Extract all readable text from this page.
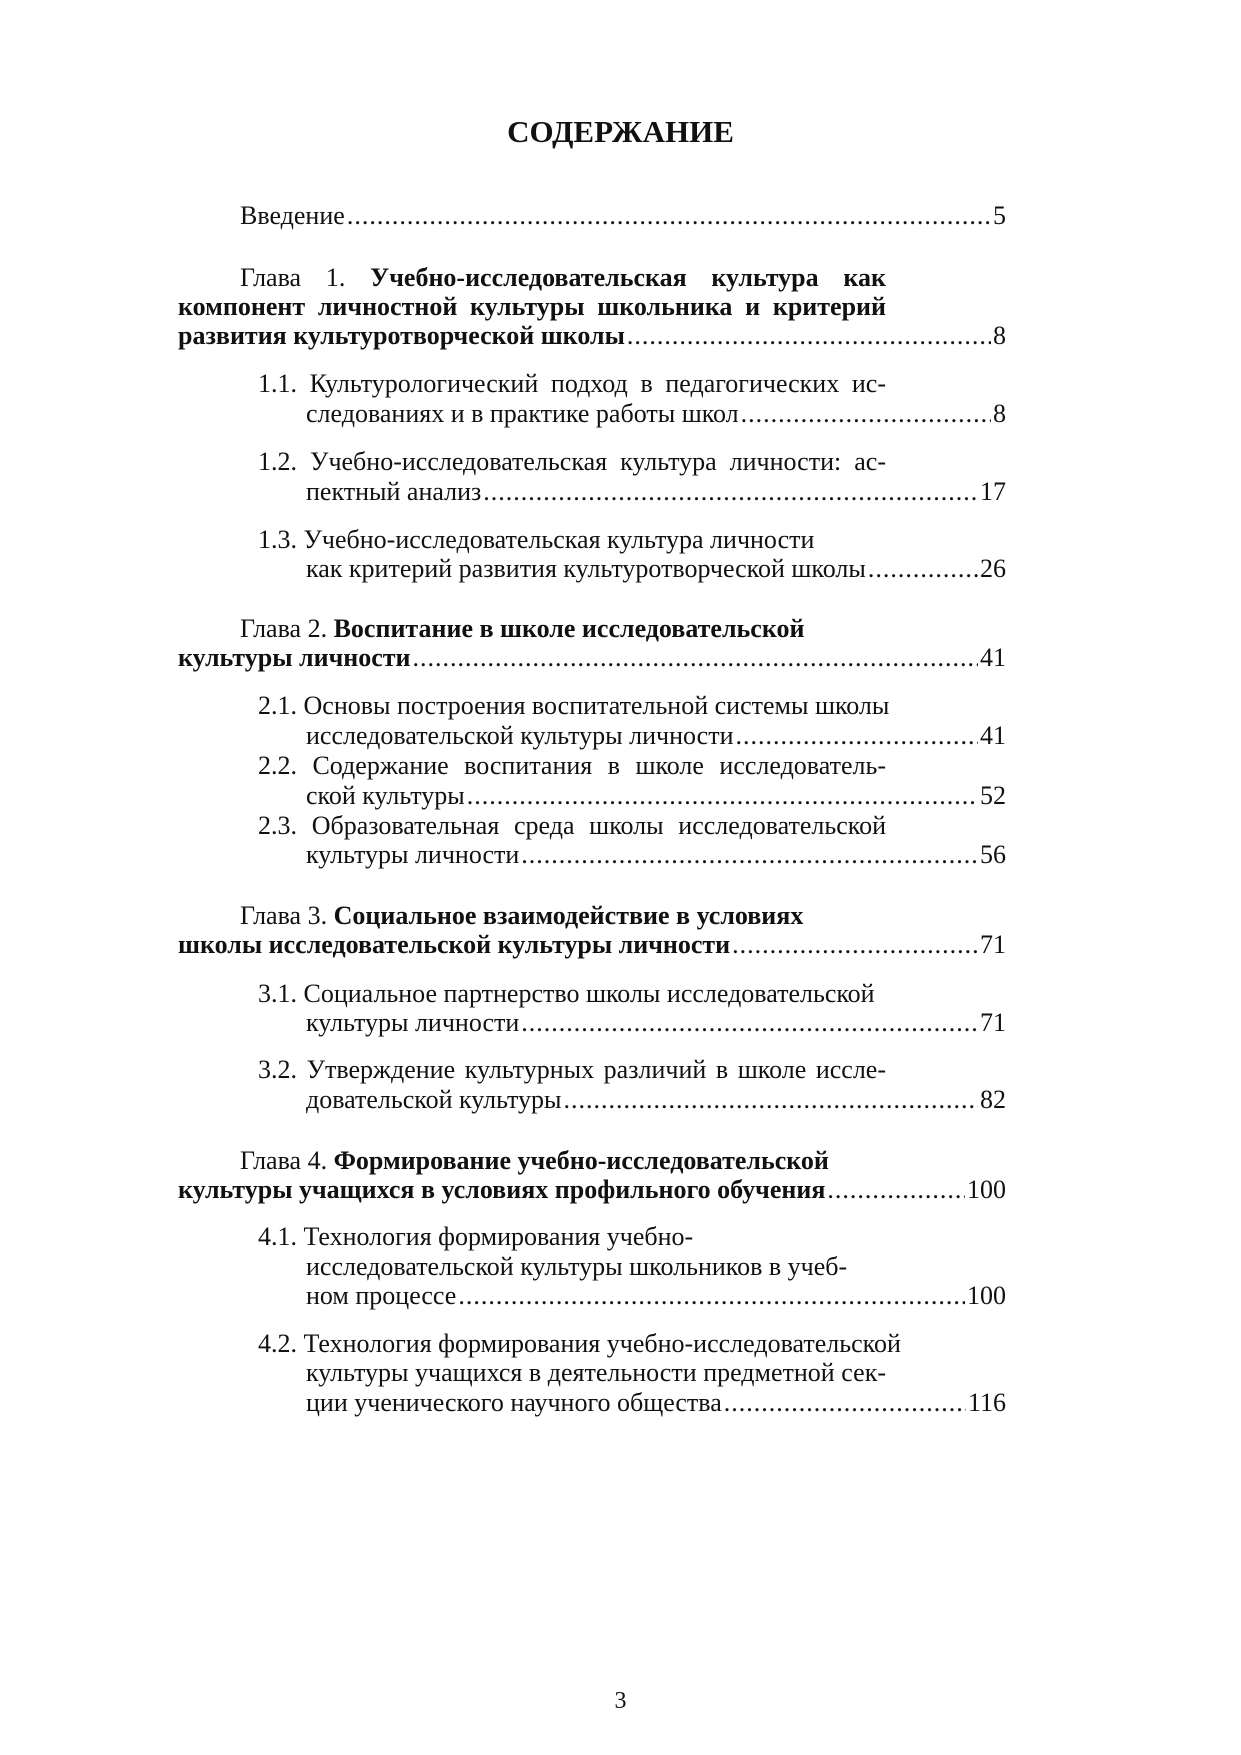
СОДЕРЖАНИЕ
Введение .....	5
Глава 1. Учебно-исследовательская культура как
компонент личностной культуры школьника и критерий
развития культуротворческой школы .....	8
1.1. Культурологический подход в педагогических ис-
следованиях и в практике работы школ .....	8
1.2. Учебно-исследовательская культура личности: ас-
пектный анализ .....	17
1.3. Учебно-исследовательская культура личности
как критерий развития культуротворческой школы .....	26
Глава 2. Воспитание в школе исследовательской
культуры личности .....	41
2.1. Основы построения воспитательной системы школы
исследовательской культуры личности .....	41
2.2. Содержание воспитания в школе исследователь-
ской культуры .....	52
2.3. Образовательная среда школы исследовательской
культуры личности .....	56
Глава 3. Социальное взаимодействие в условиях
школы исследовательской культуры личности .....	71
3.1. Социальное партнерство школы исследовательской
культуры личности .....	71
3.2. Утверждение культурных различий в школе иссле-
довательской культуры .....	82
Глава 4. Формирование учебно-исследовательской
культуры учащихся в условиях профильного обучения .....	100
4.1. Технология формирования учебно-
исследовательской культуры школьников в учеб-
ном процессе .....	100
4.2. Технология формирования учебно-исследовательской
культуры учащихся в деятельности предметной сек-
ции ученического научного общества .....	116
3
